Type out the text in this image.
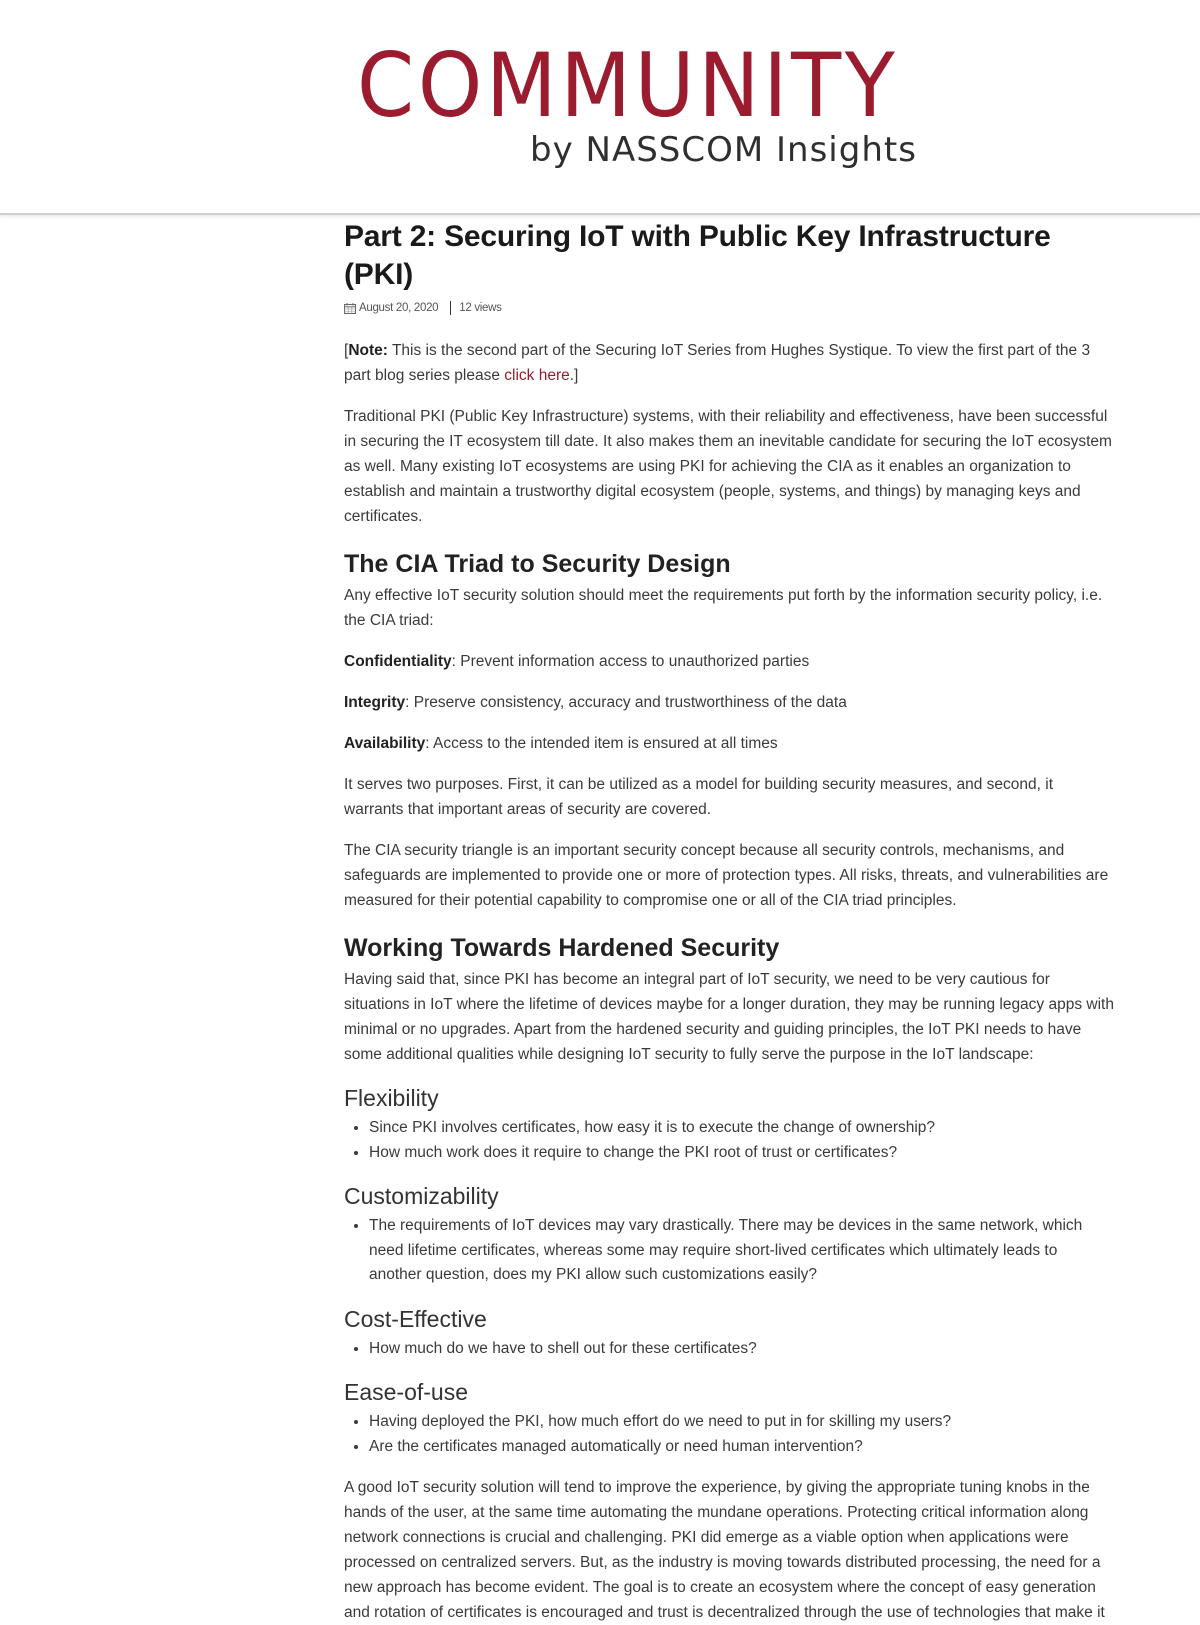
COMMUNITY
by NASSCOM Insights
Part 2: Securing IoT with Public Key Infrastructure (PKI)
August 20, 2020 12 views

[Note: This is the second part of the Securing IoT Series from Hughes Systique. To view the first part of the 3 part blog series please click here.]

Traditional PKI (Public Key Infrastructure) systems, with their reliability and effectiveness, have been successful in securing the IT ecosystem till date. It also makes them an inevitable candidate for securing the IoT ecosystem as well. Many existing IoT ecosystems are using PKI for achieving the CIA as it enables an organization to establish and maintain a trustworthy digital ecosystem (people, systems, and things) by managing keys and certificates.

The CIA Triad to Security Design

Any effective IoT security solution should meet the requirements put forth by the information security policy, i.e. the CIA triad:

Confidentiality: Prevent information access to unauthorized parties

Integrity: Preserve consistency, accuracy and trustworthiness of the data

Availability: Access to the intended item is ensured at all times

It serves two purposes. First, it can be utilized as a model for building security measures, and second, it warrants that important areas of security are covered.

The CIA security triangle is an important security concept because all security controls, mechanisms, and safeguards are implemented to provide one or more of protection types. All risks, threats, and vulnerabilities are measured for their potential capability to compromise one or all of the CIA triad principles.

Working Towards Hardened Security

Having said that, since PKI has become an integral part of IoT security, we need to be very cautious for situations in IoT where the lifetime of devices maybe for a longer duration, they may be running legacy apps with minimal or no upgrades. Apart from the hardened security and guiding principles, the IoT PKI needs to have some additional qualities while designing IoT security to fully serve the purpose in the IoT landscape:

Flexibility
• Since PKI involves certificates, how easy it is to execute the change of ownership?
• How much work does it require to change the PKI root of trust or certificates?
Customizability
• The requirements of IoT devices may vary drastically. There may be devices in the same network, which need lifetime certificates, whereas some may require short-lived certificates which ultimately leads to another question, does my PKI allow such customizations easily?
Cost-Effective
• How much do we have to shell out for these certificates?
Ease-of-use
• Having deployed the PKI, how much effort do we need to put in for skilling my users?
• Are the certificates managed automatically or need human intervention?

A good IoT security solution will tend to improve the experience, by giving the appropriate tuning knobs in the hands of the user, at the same time automating the mundane operations. Protecting critical information along network connections is crucial and challenging. PKI did emerge as a viable option when applications were processed on centralized servers. But, as the industry is moving towards distributed processing, the need for a new approach has become evident. The goal is to create an ecosystem where the concept of easy generation and rotation of certificates is encouraged and trust is decentralized through the use of technologies that make it
